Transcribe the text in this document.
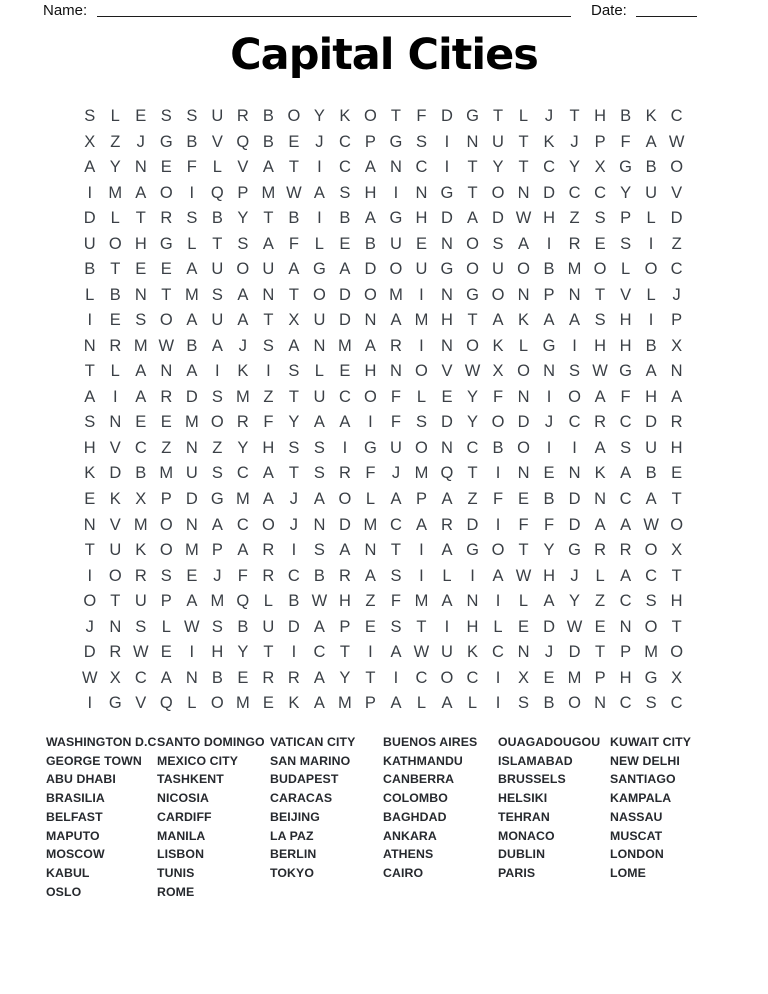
Name:	Date:
Capital Cities
S L E S S U R B O Y K O T F D G T L	J T H B K C
X Z J G B V Q B E J C P G S	I	N U T K J P F A W
A Y N E F L V A T	I	C A N C	I	T Y T C Y X G B O
I M A O	I	Q P M W A S H	I	N G T O N D C C Y U V
D L T R S B Y T B	I	B A G H D A D W H Z S P L D
U O H G L T S A F L E B U E N O S A	I	R E S	I	Z
B T E E A U O U A G A D O U G O U O B M O L O C
L B N T M S A N T O D O M I	N G O N P N T V L	J
I	E S O A U A T X U D N A M H T A K A A S H	I	P
N R M W B A J S A N M A R	I	N O K L G	I	H H B X
T L A N A	I	K	I	S L E H N O V W X O N S W G A N
A	I	A R D S M Z T U C O F L E Y F N	I	O A F H A
S N E E M O R F Y A A	I	F S D Y O D J C R C D R
H V C Z N Z Y H S S	I	G U O N C B O	I	I	A S U H
K D B M U S C A T S R F J M Q T	I	N E N K A B E
E K X P D G M A J A O L A P A Z F E B D N C A T
N V M O N A C O J N D M C A R D	I	F F D A A W O
T U K O M P A R	I	S A N T	I	A G O T Y G R R O X
I	O R S E J F R C B R A S	I	L	I	A W H J	L A C T
O T U P A M Q L B W H Z F M A N	I	L A Y Z C S H
J N S L W S B U D A P E S T	I	H L E D W E N O T
D R W E	I	H Y T	I	C T	I	A W U K C N J D T P M O
W X C A N B E R R A Y T	I	C O C	I	X E M P H G X
I	G V Q L O M E K A M P A L A L	I	S B O N C S C
WASHINGTON D.C
GEORGE TOWN
ABU DHABI
BRASILIA
BELFAST
MAPUTO
MOSCOW
KABUL
OSLO
SANTO DOMINGO
MEXICO CITY
TASHKENT
NICOSIA
CARDIFF
MANILA
LISBON
TUNIS
ROME
VATICAN CITY
SAN MARINO
BUDAPEST
CARACAS
BEIJING
LA PAZ
BERLIN
TOKYO
BUENOS AIRES
KATHMANDU
CANBERRA
COLOMBO
BAGHDAD
ANKARA
ATHENS
CAIRO
OUAGADOUGOU
ISLAMABAD
BRUSSELS
HELSIKI
TEHRAN
MONACO
DUBLIN
PARIS
KUWAIT CITY
NEW DELHI
SANTIAGO
KAMPALA
NASSAU
MUSCAT
LONDON
LOME
